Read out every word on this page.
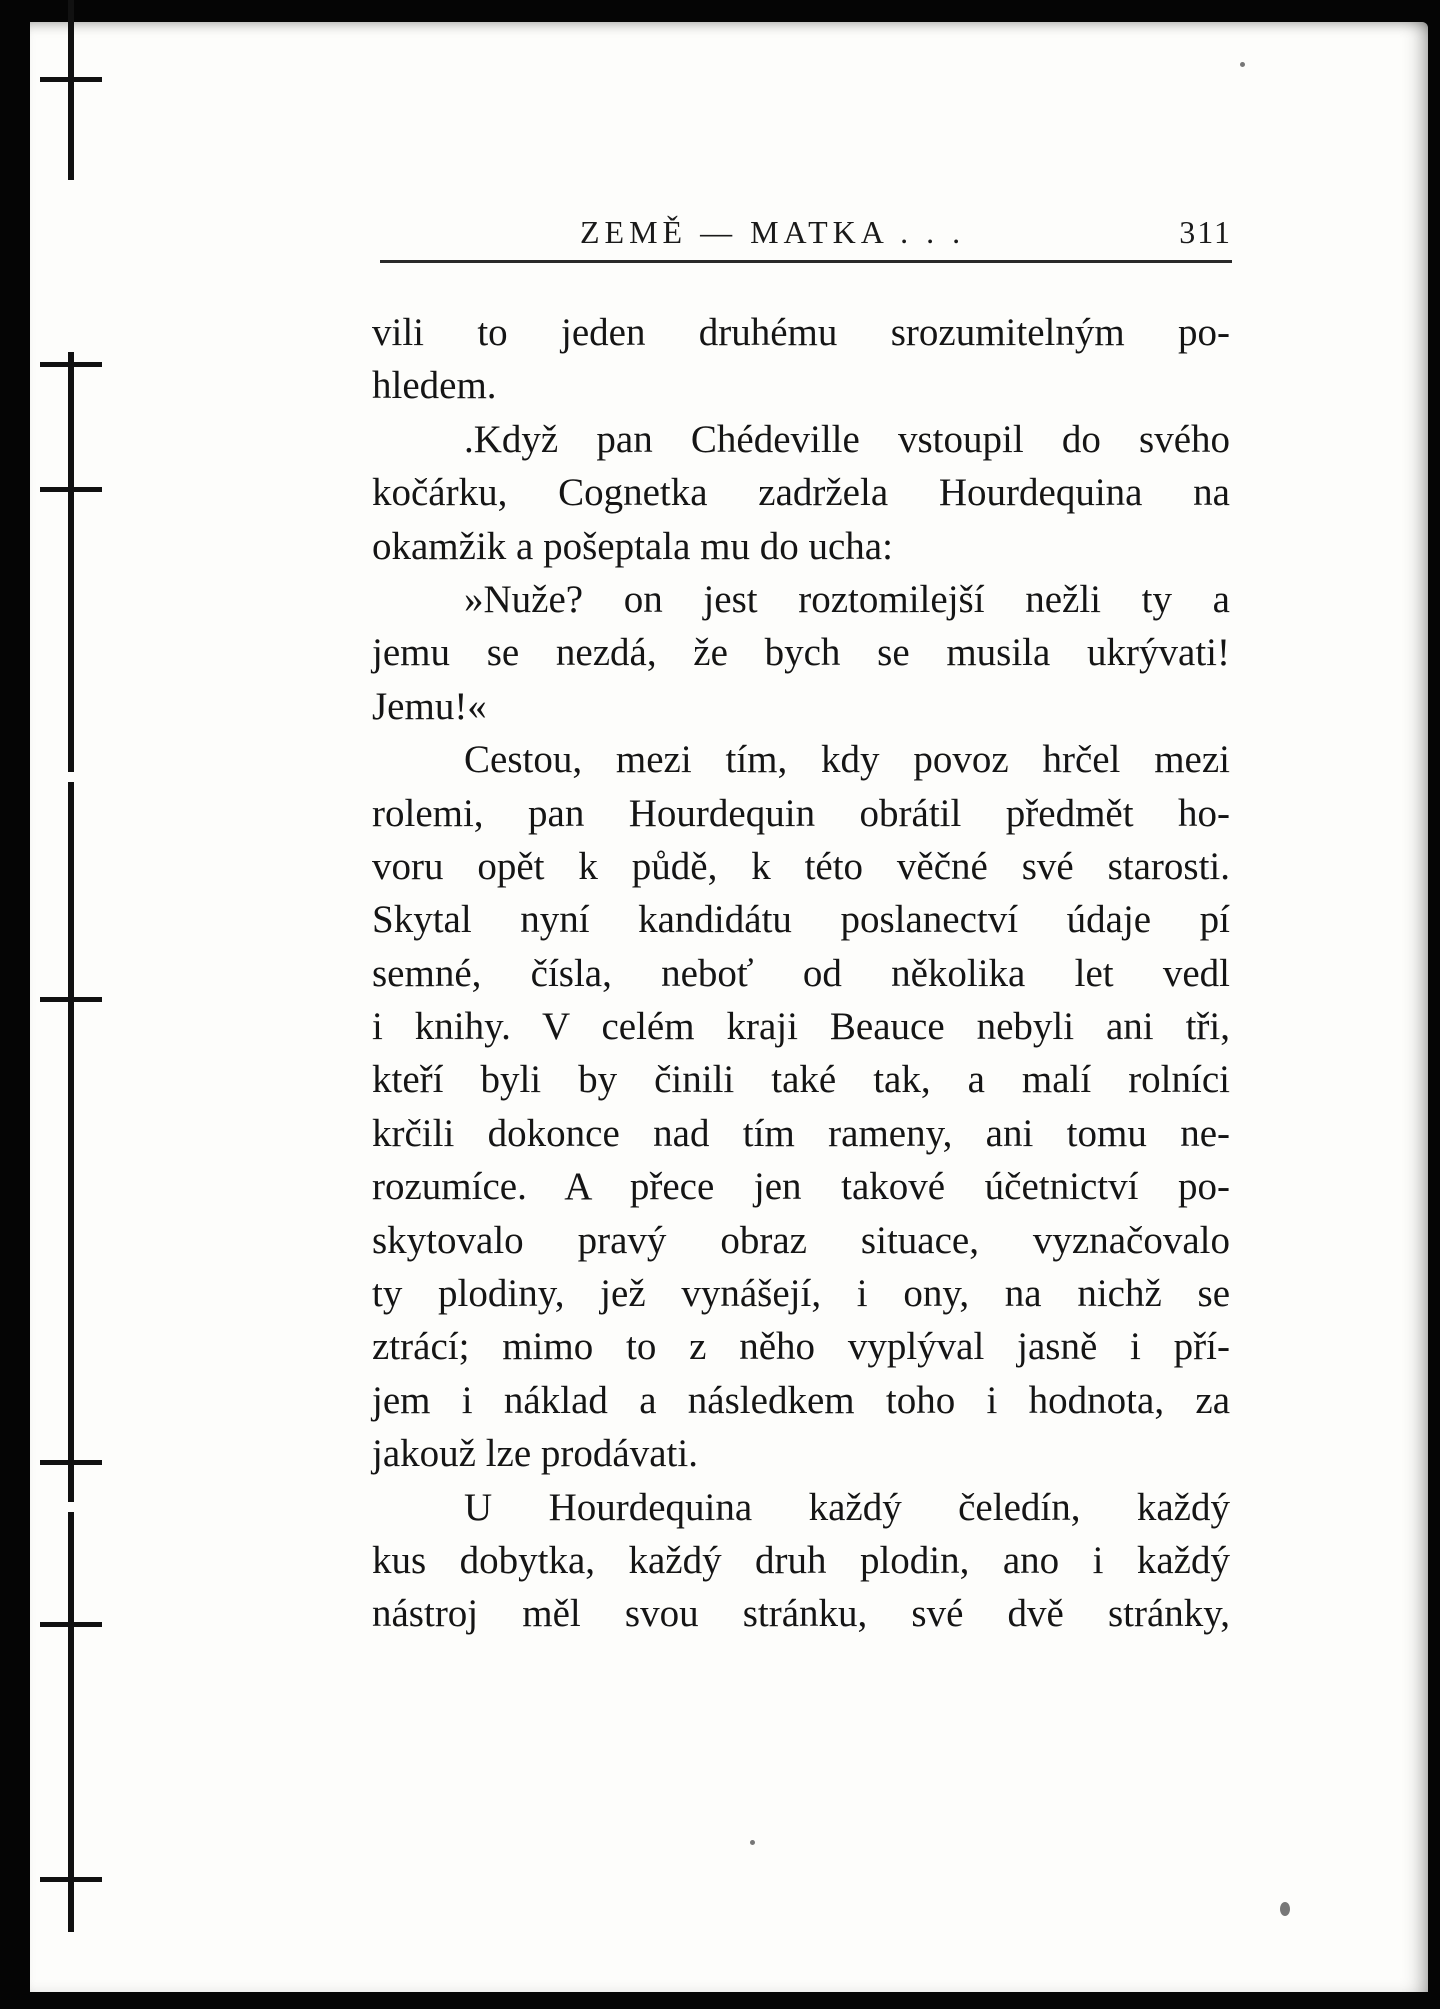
ZEMĚ — MATKA . . .	311
vili to jeden druhému srozumitelným po-
hledem.
.Když pan Chédeville vstoupil do svého
kočárku, Cognetka zadržela Hourdequina na
okamžik a pošeptala mu do ucha:
»Nuže? on jest roztomilejší nežli ty a
jemu se nezdá, že bych se musila ukrývati!
Jemu!«
Cestou, mezi tím, kdy povoz hrčel mezi
rolemi, pan Hourdequin obrátil předmět ho-
voru opět k půdě, k této věčné své starosti.
Skytal nyní kandidátu poslanectví údaje pí
semné, čísla, neboť od několika let vedl
i knihy. V celém kraji Beauce nebyli ani tři,
kteří byli by činili také tak, a malí rolníci
krčili dokonce nad tím rameny, ani tomu ne-
rozumíce. A přece jen takové účetnictví po-
skytovalo pravý obraz situace, vyznačovalo
ty plodiny, jež vynášejí, i ony, na nichž se
ztrácí; mimo to z něho vyplýval jasně i pří-
jem i náklad a následkem toho i hodnota, za
jakouž lze prodávati.
U Hourdequina každý čeledín, každý
kus dobytka, každý druh plodin, ano i každý
nástroj měl svou stránku, své dvě stránky,
